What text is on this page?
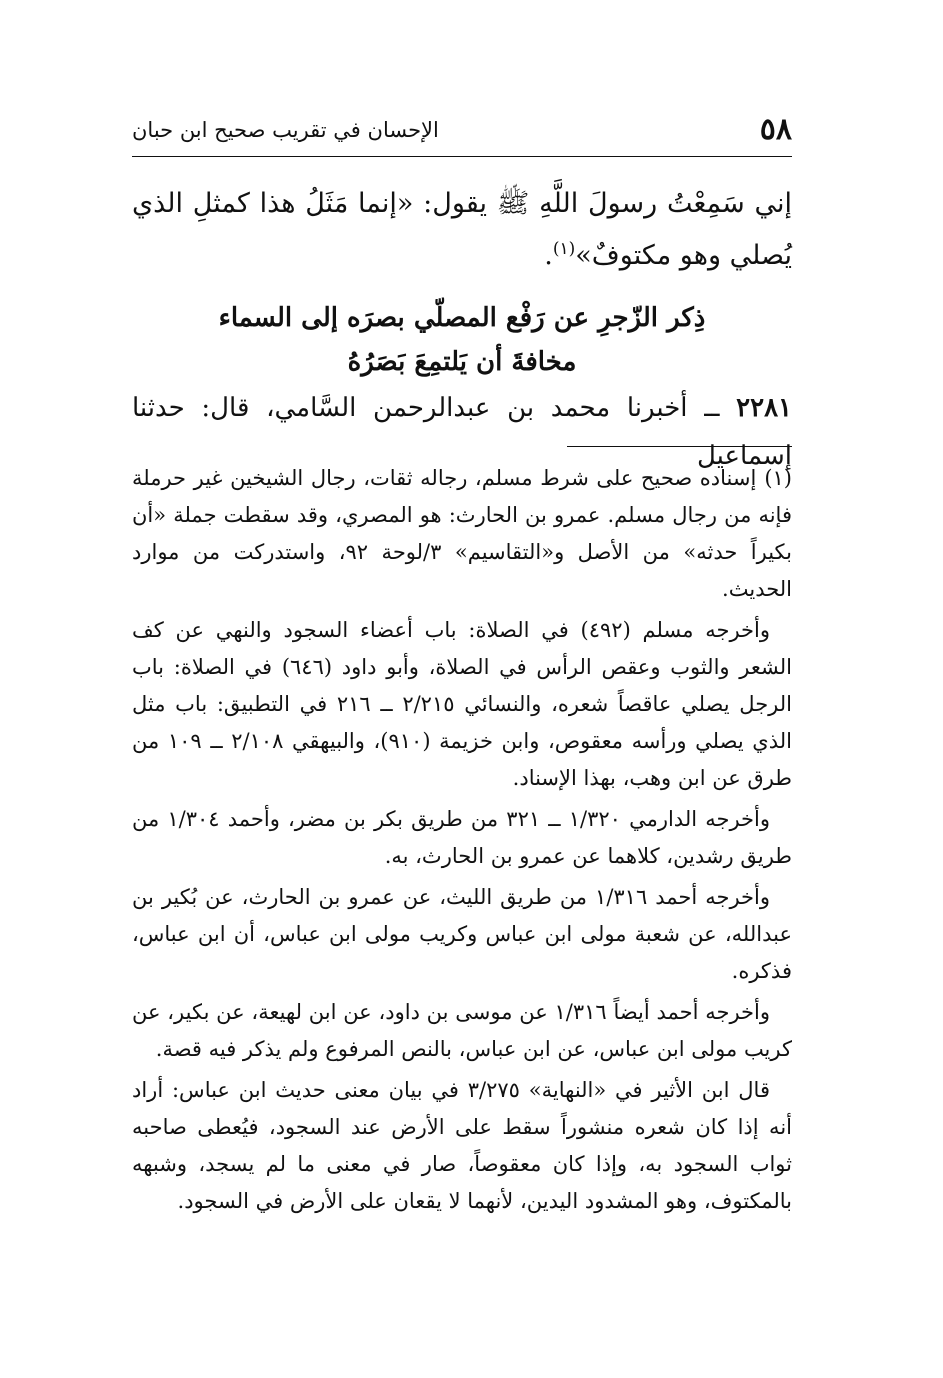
٥٨
الإحسان في تقريب صحيح ابن حبان

إني سَمِعْتُ رسولَ اللَّهِ ﷺ يقول: «إنما مَثَلُ هذا كمثلِ الذي يُصلي وهو مكتوفٌ»$^{(١)}$.

ذِكر الزّجرِ عن رَفْع المصلّي بصرَه إلى السماء
مخافةَ أن يَلتمِعَ بَصَرُهُ
٢٢٨١ ــ أخبرنا محمد بن عبدالرحمن السَّامي، قال: حدثنا إسماعيل

(١)إسناده صحيح على شرط مسلم، رجاله ثقات، رجال الشيخين غير حرملة فإنه من رجال مسلم. عمرو بن الحارث: هو المصري، وقد سقطت جملة «أن بكيراً حدثه» من الأصل و«التقاسيم» ٣/لوحة ٩٢، واستدركت من موارد الحديث.

وأخرجه مسلم (٤٩٢) في الصلاة: باب أعضاء السجود والنهي عن كف الشعر والثوب وعقص الرأس في الصلاة، وأبو داود (٦٤٦) في الصلاة: باب الرجل يصلي عاقصاً شعره، والنسائي ٢/٢١٥ ــ ٢١٦ في التطبيق: باب مثل الذي يصلي ورأسه معقوص، وابن خزيمة (٩١٠)، والبيهقي ٢/١٠٨ ــ ١٠٩ من طرق عن ابن وهب، بهذا الإسناد.

وأخرجه الدارمي ١/٣٢٠ ــ ٣٢١ من طريق بكر بن مضر، وأحمد ١/٣٠٤ من طريق رشدين، كلاهما عن عمرو بن الحارث، به.

وأخرجه أحمد ١/٣١٦ من طريق الليث، عن عمرو بن الحارث، عن بُكير بن عبدالله، عن شعبة مولى ابن عباس وكريب مولى ابن عباس، أن ابن عباس، فذكره.

وأخرجه أحمد أيضاً ١/٣١٦ عن موسى بن داود، عن ابن لهيعة، عن بكير، عن كريب مولى ابن عباس، عن ابن عباس، بالنص المرفوع ولم يذكر فيه قصة.

قال ابن الأثير في «النهاية» ٣/٢٧٥ في بيان معنى حديث ابن عباس: أراد أنه إذا كان شعره منشوراً سقط على الأرض عند السجود، فيُعطى صاحبه ثواب السجود به، وإذا كان معقوصاً، صار في معنى ما لم يسجد، وشبهه بالمكتوف، وهو المشدود اليدين، لأنهما لا يقعان على الأرض في السجود.
